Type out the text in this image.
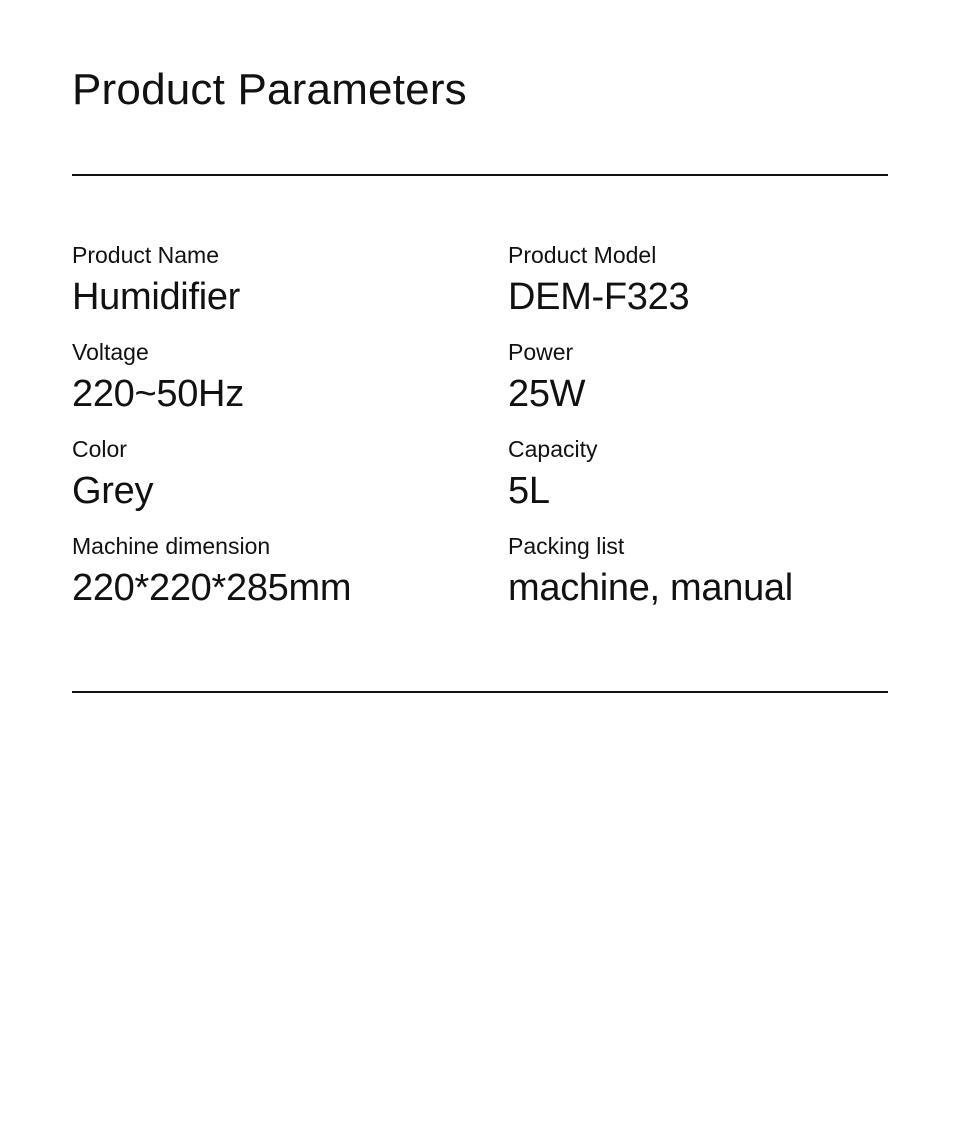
Product Parameters
Product Name
Humidifier
Product Model
DEM-F323
Voltage
220~50Hz
Power
25W
Color
Grey
Capacity
5L
Machine dimension
220*220*285mm
Packing list
machine, manual
